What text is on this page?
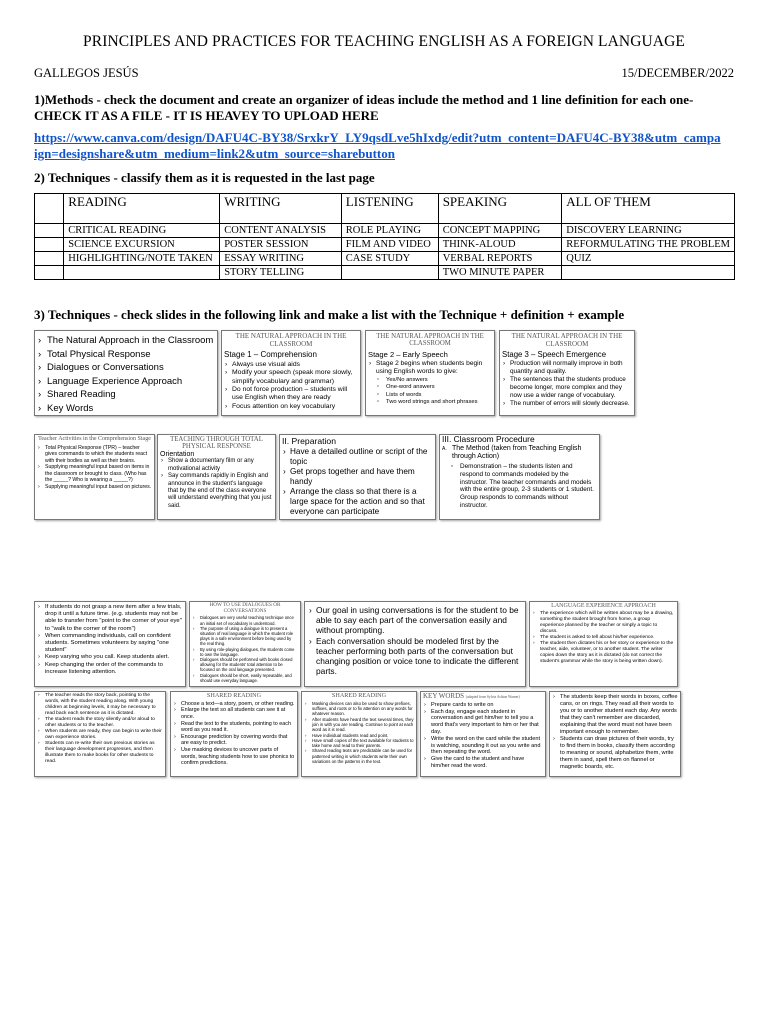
PRINCIPLES AND PRACTICES FOR TEACHING ENGLISH AS A FOREIGN LANGUAGE
GALLEGOS JESÚS	15/DECEMBER/2022
1)Methods - check the document and create an organizer of ideas include the method and 1 line definition for each one- CHECK IT AS A FILE - IT IS HEAVEY TO UPLOAD HERE
https://www.canva.com/design/DAFU4C-BY38/SrxkrY_LY9qsdLve5hIxdg/edit?utm_content=DAFU4C-BY38&utm_campaign=designshare&utm_medium=link2&utm_source=sharebutton
2) Techniques - classify them as it is requested in the last page
	READING	WRITING	LISTENING	SPEAKING	ALL OF THEM
	CRITICAL READING	CONTENT ANALYSIS	ROLE PLAYING	CONCEPT MAPPING	DISCOVERY LEARNING
	SCIENCE EXCURSION	POSTER SESSION	FILM AND VIDEO	THINK-ALOUD	REFORMULATING THE PROBLEM
	HIGHLIGHTING/NOTE TAKEN	ESSAY WRITING	CASE STUDY	VERBAL REPORTS	QUIZ
		STORY TELLING		TWO MINUTE PAPER	
3) Techniques - check slides in the following link and make a list with the Technique + definition + example
› The Natural Approach in the Classroom
› Total Physical Response
› Dialogues or Conversations
› Language Experience Approach
› Shared Reading
› Key Words
THE NATURAL APPROACH IN THE CLASSROOM
Stage 1 – Comprehension
› Always use visual aids
› Modify your speech (speak more slowly, simplify vocabulary and grammar)
› Do not force production – students will use English when they are ready
› Focus attention on key vocabulary
THE NATURAL APPROACH IN THE CLASSROOM
Stage 2 – Early Speech
› Stage 2 begins when students begin using English words to give:
▫ Yes/No answers
▫ One-word answers
▫ Lists of words
▫ Two word strings and short phrases
THE NATURAL APPROACH IN THE CLASSROOM
Stage 3 – Speech Emergence
› Production will normally improve in both quantity and quality.
› The sentences that the students produce become longer, more complex and they now use a wider range of vocabulary.
› The number of errors will slowly decrease.
Teacher Activities in the Comprehension Stage
› Total Physical Response (TPR) – teacher gives commands to which the students react with their bodies as well as their brains.
› Supplying meaningful input based on items in the classroom or brought to class. (Who has the _____? Who is wearing a _____?)
› Supplying meaningful input based on pictures.
TEACHING THROUGH TOTAL PHYSICAL RESPONSE
Orientation
› Show a documentary film or any motivational activity
› Say commands rapidly in English and announce in the student's language that by the end of the class everyone will understand everything that you just said.
II. Preparation
› Have a detailed outline or script of the topic
› Get props together and have them handy
› Arrange the class so that there is a large space for the action and so that everyone can participate
III. Classroom Procedure
A. The Method (taken from Teaching English through Action)
▫ Demonstration – the students listen and respond to commands modeled by the instructor. The teacher commands and models with the entire group, 2-3 students or 1 student. Group responds to commands without instructor.
› If students do not grasp a new item after a few trials, drop it until a future time. (e.g. students may not be able to transfer from "point to the corner of your eye" to "walk to the corner of the room")
› When commanding individuals, call on confident students. Sometimes volunteers by saying "one student"
› Keep varying who you call. Keep students alert.
› Keep changing the order of the commands to increase listening attention.
HOW TO USE DIALOGUES OR CONVERSATIONS
› Dialogues are very useful teaching technique once an initial set of vocabulary is understood.
› The purpose of using a dialogue is to present a situation of real language in which the student role plays in a safe environment before being used by the real thing.
› By using role-playing dialogues, the students come to own the language.
› Dialogues should be performed with books closed allowing for the students' total attention to be focused on the oral language presented.
› Dialogues should be short, easily repeatable, and should use everyday language.
› Our goal in using conversations is for the student to be able to say each part of the conversation easily and without prompting.
› Each conversation should be modeled first by the teacher performing both parts of the conversation but changing position or voice tone to indicate the different parts.
LANGUAGE EXPERIENCE APPROACH
› The experience which will be written about may be a drawing, something the student brought from home, a group experience planned by the teacher or simply a topic to discuss.
› The student is asked to tell about his/her experience.
› The student then dictates his or her story or experience to the teacher, aide, volunteer, or to another student. The writer copies down the story as it is dictated (do not correct the student's grammar while the story is being written down).
› The teacher reads the story back, pointing to the words, with the student reading along. With young children at beginning levels, it may be necessary to read back each sentence as it is dictated.
› The student reads the story silently and/or aloud to other students or to the teacher.
› When students are ready, they can begin to write their own experience stories.
› Students can re-write their own previous stories as their language development progresses, and then illustrate them to make books for other students to read.
SHARED READING
› Choose a text—a story, poem, or other reading.
› Enlarge the text so all students can see it at once.
› Read the text to the students, pointing to each word as you read it.
› Encourage prediction by covering words that are easy to predict.
› Use masking devices to uncover parts of words, teaching students how to use phonics to confirm predictions.
SHARED READING
› Masking devices can also be used to show prefixes, suffixes, and roots or to fix attention on any words for whatever reason.
› After students have heard the text several times, they join in with you are reading. Continue to point at each word as it is read.
› Have individual students read and point.
› Have small copies of the text available for students to take home and read to their parents.
› Shared reading texts are predictable can be used for patterned writing in which students write their own variations on the patterns in the text.
KEY WORDS (adapted from Sylvia Ashton Warner)
› Prepare cards to write on
› Each day, engage each student in conversation and get him/her to tell you a word that's very important to him or her that day.
› Write the word on the card while the student is watching, sounding it out as you write and then repeating the word.
› Give the card to the student and have him/her read the word.
› The students keep their words in boxes, coffee cans, or on rings. They read all their words to you or to another student each day. Any words that they can't remember are discarded, explaining that the word must not have been important enough to remember.
› Students can draw pictures of their words, try to find them in books, classify them according to meaning or sound, alphabetize them, write them in sand, spell them on flannel or magnetic boards, etc.
